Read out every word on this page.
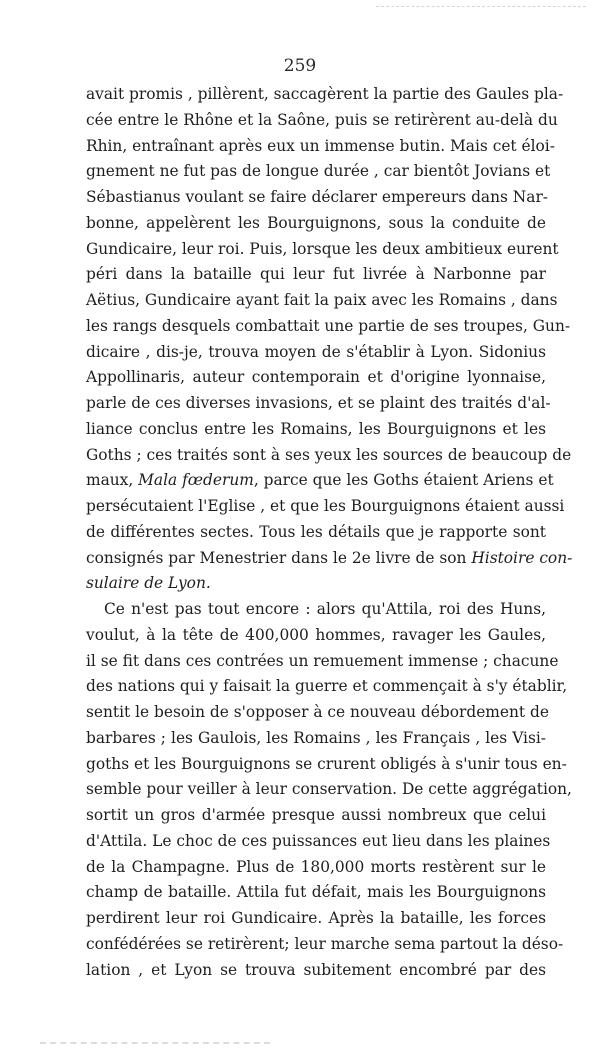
259
avait promis , pillèrent, saccagèrent la partie des Gaules pla-
cée entre le Rhône et la Saône, puis se retirèrent au-delà du
Rhin, entraînant après eux un immense butin. Mais cet éloi-
gnement ne fut pas de longue durée , car bientôt Jovians et
Sébastianus voulant se faire déclarer empereurs dans Nar-
bonne, appelèrent les Bourguignons, sous la conduite de
Gundicaire, leur roi. Puis, lorsque les deux ambitieux eurent
péri dans la bataille qui leur fut livrée à Narbonne par
Aëtius, Gundicaire ayant fait la paix avec les Romains , dans
les rangs desquels combattait une partie de ses troupes, Gun-
dicaire , dis-je, trouva moyen de s'établir à Lyon. Sidonius
Appollinaris, auteur contemporain et d'origine lyonnaise,
parle de ces diverses invasions, et se plaint des traités d'al-
liance conclus entre les Romains, les Bourguignons et les
Goths ; ces traités sont à ses yeux les sources de beaucoup de
maux, Mala fœderum, parce que les Goths étaient Ariens et
persécutaient l'Eglise , et que les Bourguignons étaient aussi
de différentes sectes. Tous les détails que je rapporte sont
consignés par Menestrier dans le 2e livre de son Histoire con-
sulaire de Lyon.
Ce n'est pas tout encore : alors qu'Attila, roi des Huns,
voulut, à la tête de 400,000 hommes, ravager les Gaules,
il se fit dans ces contrées un remuement immense ; chacune
des nations qui y faisait la guerre et commençait à s'y établir,
sentit le besoin de s'opposer à ce nouveau débordement de
barbares ; les Gaulois, les Romains , les Français , les Visi-
goths et les Bourguignons se crurent obligés à s'unir tous en-
semble pour veiller à leur conservation. De cette aggrégation,
sortit un gros d'armée presque aussi nombreux que celui
d'Attila. Le choc de ces puissances eut lieu dans les plaines
de la Champagne. Plus de 180,000 morts restèrent sur le
champ de bataille. Attila fut défait, mais les Bourguignons
perdirent leur roi Gundicaire. Après la bataille, les forces
confédérées se retirèrent; leur marche sema partout la déso-
lation , et Lyon se trouva subitement encombré par des
